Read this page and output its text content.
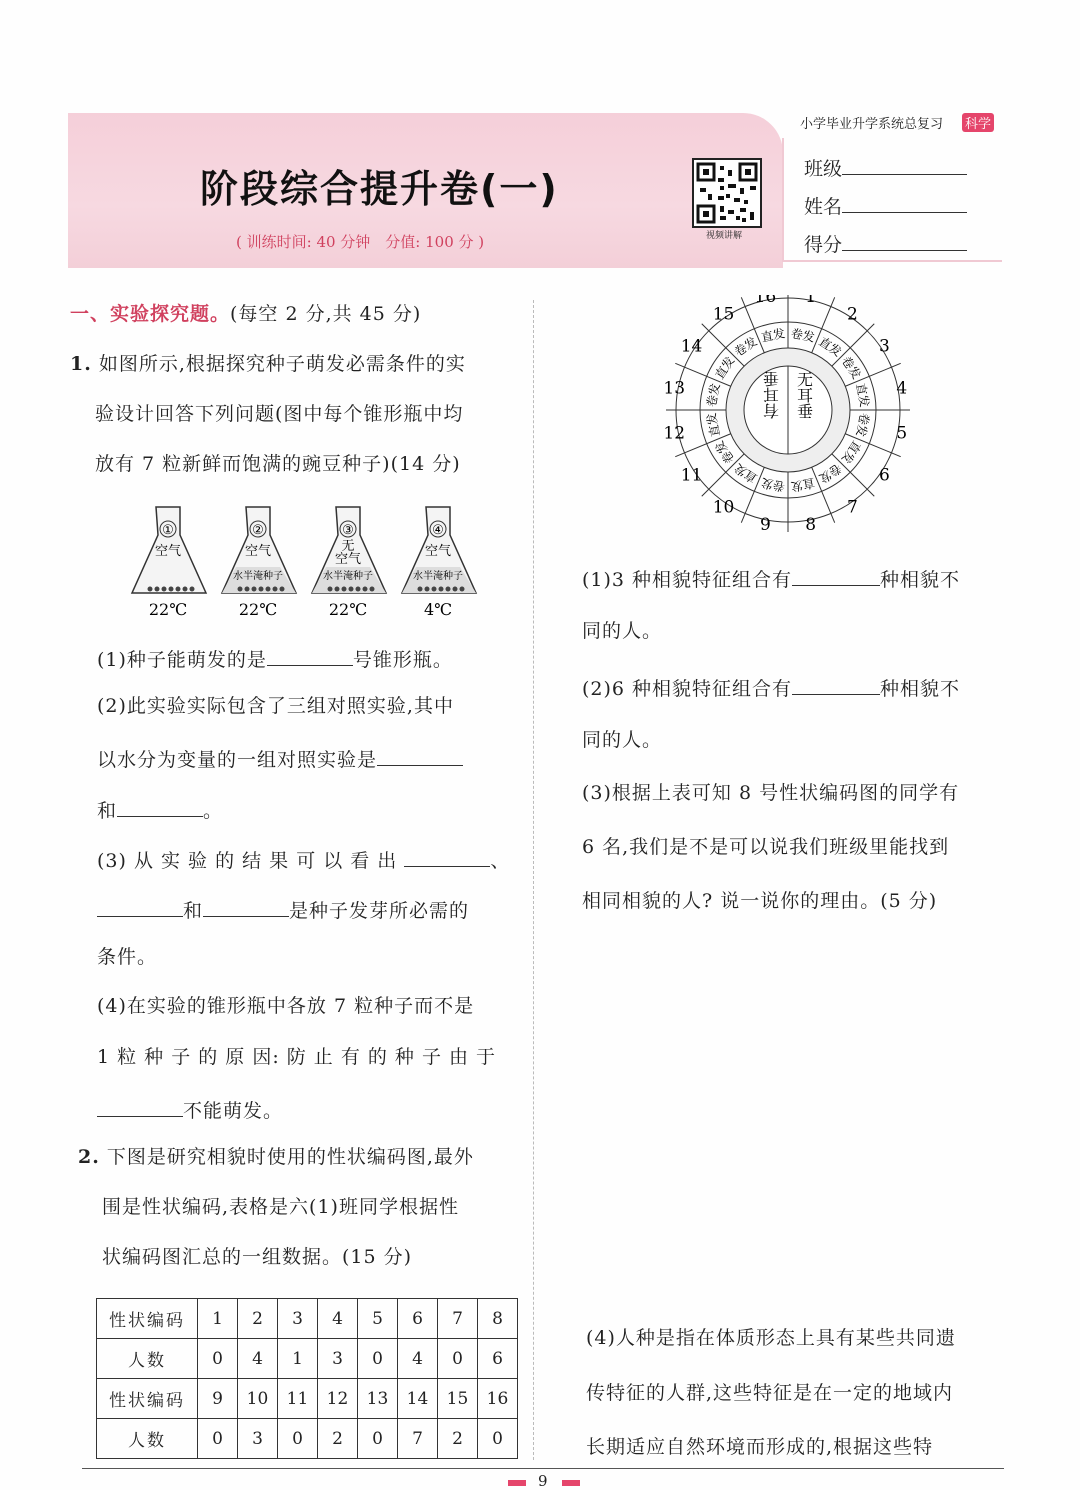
阶段综合提升卷(一)
( 训练时间: 40 分钟　分值: 100 分 )	视频讲解
小学毕业升学系统总复习 科学
班级
姓名
得分
一、实验探究题。(每空 2 分,共 45 分)
1. 如图所示,根据探究种子萌发必需条件的实
验设计回答下列问题(图中每个锥形瓶中均
放有 7 粒新鲜而饱满的豌豆种子)(14 分)
①
空气
22℃
②
空气
水半淹种子
22℃
③
无
空气
水半淹种子
22℃
④
空气
水半淹种子
4℃
(1)种子能萌发的是	号锥形瓶。
(2)此实验实际包含了三组对照实验,其中
以水分为变量的一组对照实验是
和	。
(3) 从 实 验 的 结 果 可 以 看 出	、
和	是种子发芽所必需的
条件。
(4)在实验的锥形瓶中各放 7 粒种子而不是
1 粒 种 子 的 原 因: 防 止 有 的 种 子 由 于
不能萌发。
2. 下图是研究相貌时使用的性状编码图,最外
围是性状编码,表格是六(1)班同学根据性
状编码图汇总的一组数据。(15 分)
性状编码	1	2	3	4	5	6	7	8
人数	0	4	1	3	0	4	0	6
性状编码	9	10	11	12	13	14	15	16
人数	0	3	0	2	0	7	2	0
1
卷发
2
直发 3
卷发
4
直发
5
卷发
6
直发
7
卷发
8
直发
9
卷发
10
直发
11
卷发
12 直发
13 卷发
14
直发
15
卷发
16
直发
有耳垂 无耳垂
(1)3 种相貌特征组合有	种相貌不
同的人。
(2)6 种相貌特征组合有	种相貌不
同的人。
(3)根据上表可知 8 号性状编码图的同学有
6 名,我们是不是可以说我们班级里能找到
相同相貌的人? 说一说你的理由。(5 分)
(4)人种是指在体质形态上具有某些共同遗
传特征的人群,这些特征是在一定的地域内
长期适应自然环境而形成的,根据这些特
9
